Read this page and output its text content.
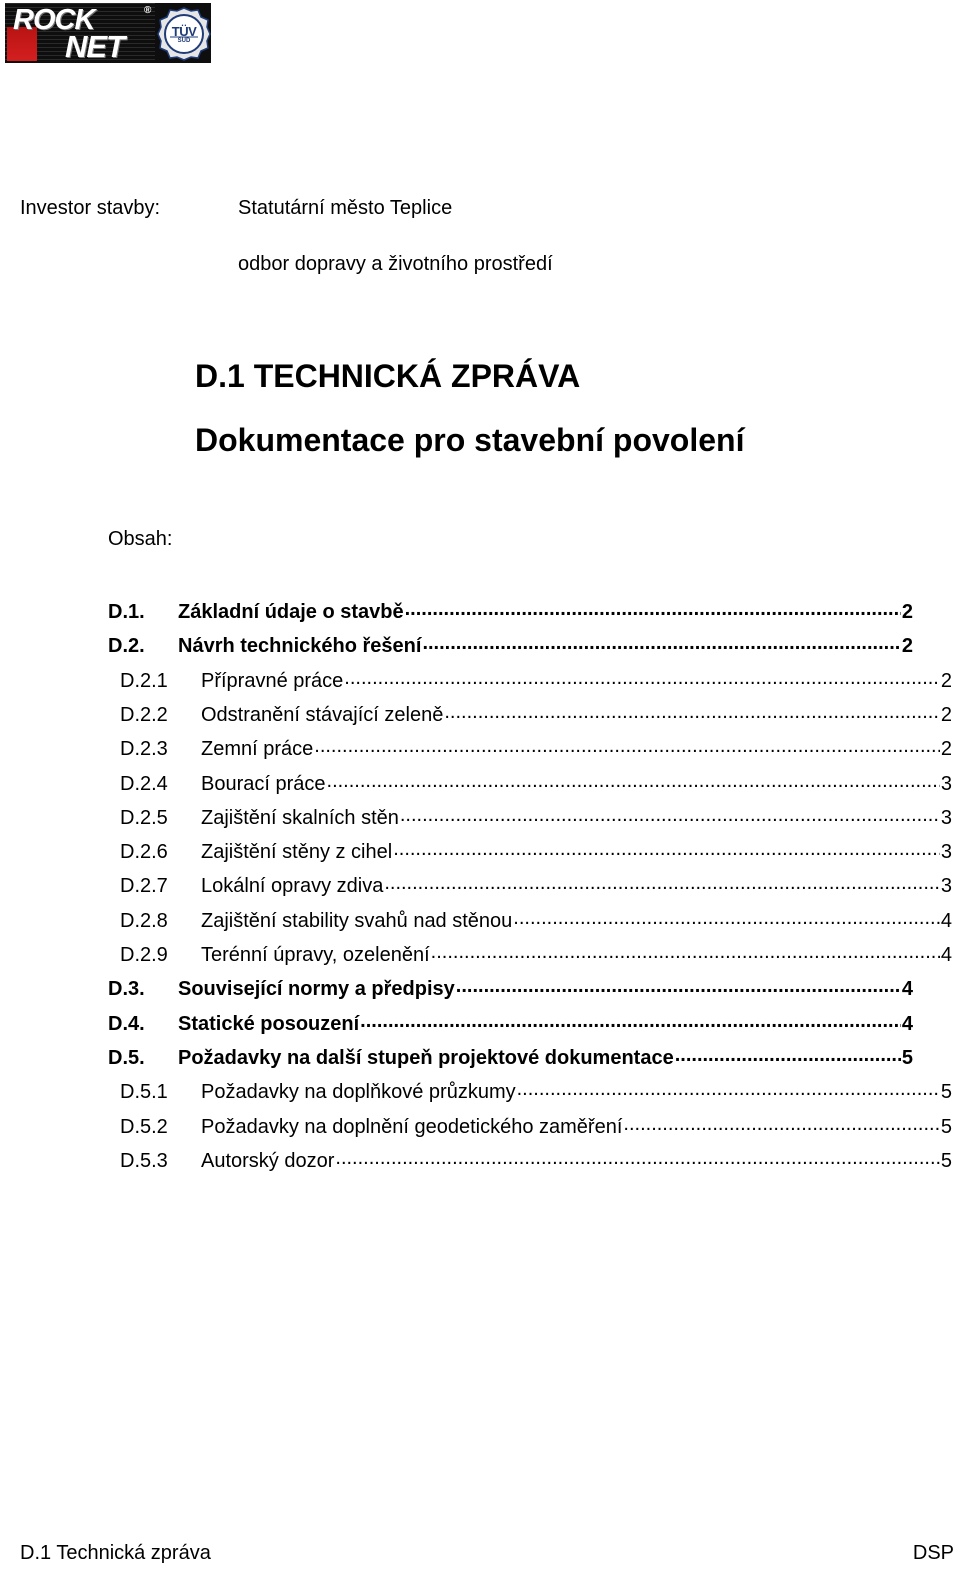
ROCK	®
NET	TÜV
SÜD
Investor stavby:	Statutární město Teplice
odbor dopravy a životního prostředí
D.1 TECHNICKÁ ZPRÁVA
Dokumentace pro stavební povolení
Obsah:
D.1.	Základní údaje o stavbě .....	2
D.2.	Návrh technického řešení .....	2
D.2.1	Přípravné práce .....	2
D.2.2	Odstranění stávající zeleně .....	2
D.2.3	Zemní práce .....	2
D.2.4	Bourací práce .....	3
D.2.5	Zajištění skalních stěn .....	3
D.2.6	Zajištění stěny z cihel .....	3
D.2.7	Lokální opravy zdiva .....	3
D.2.8	Zajištění stability svahů nad stěnou .....	4
D.2.9	Terénní úpravy, ozelenění .....	4
D.3.	Související normy a předpisy .....	4
D.4.	Statické posouzení .....	4
D.5.	Požadavky na další stupeň projektové dokumentace .....	5
D.5.1	Požadavky na doplňkové průzkumy .....	5
D.5.2	Požadavky na doplnění geodetického zaměření .....	5
D.5.3	Autorský dozor .....	5
D.1 Technická zpráva	DSP
